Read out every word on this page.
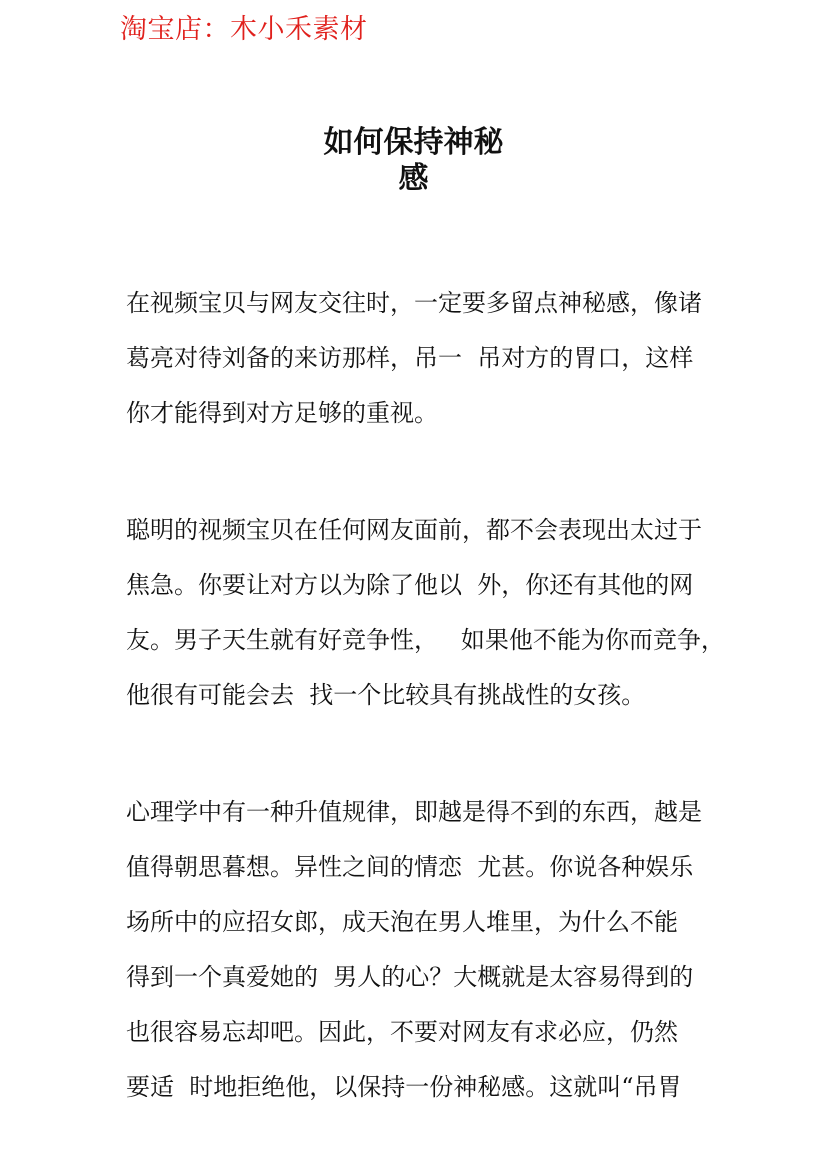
淘宝店：木小禾素材
如何保持神秘
感
在视频宝贝与网友交往时，一定要多留点神秘感，像诸
葛亮对待刘备的来访那样，吊一  吊对方的胃口，这样
你才能得到对方足够的重视。
聪明的视频宝贝在任何网友面前，都不会表现出太过于
焦急。你要让对方以为除了他以  外，你还有其他的网
友。男子天生就有好竞争性，   如果他不能为你而竞争，
他很有可能会去  找一个比较具有挑战性的女孩。
心理学中有一种升值规律，即越是得不到的东西，越是
值得朝思暮想。异性之间的情恋  尤甚。你说各种娱乐
场所中的应招女郎，成天泡在男人堆里，为什么不能
得到一个真爱她的  男人的心？大概就是太容易得到的
也很容易忘却吧。因此，不要对网友有求必应，仍然
要适  时地拒绝他，以保持一份神秘感。这就叫“吊胃
